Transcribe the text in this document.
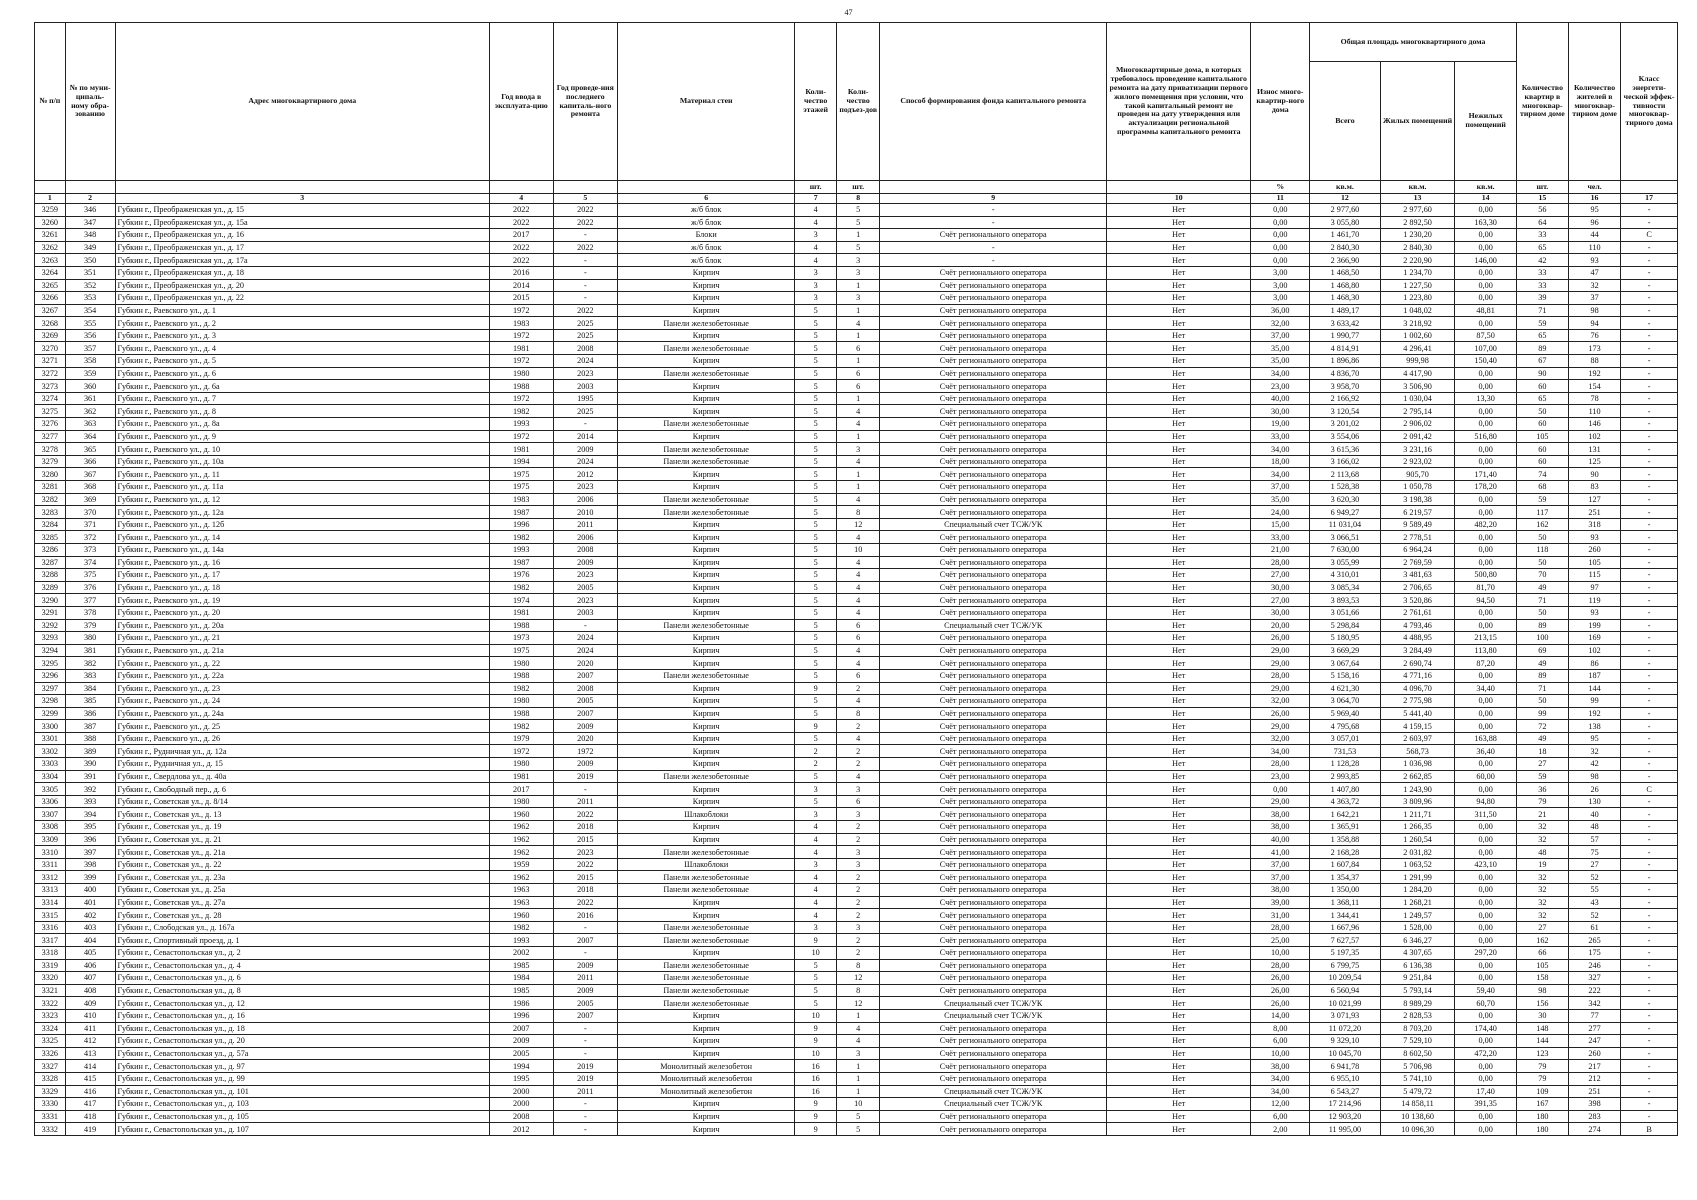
47
№ п/п	№ по муни-ципаль-ному обра-зованию	Адрес многоквартирного дома	Год ввода в эксплуата-цию	Год проведе-ния последнего капиталь-ного ремонта	Материал стен	Коли-чество этажей	Коли-чество подъез-дов	Способ формирования фонда капитального ремонта	Многоквартирные дома, в которых требовалось проведение капитального ремонта на дату приватизации первого жилого помещения при условии, что такой капитальный ремонт не проведен на дату утверждения или актуализации региональной программы капитального ремонта	Износ много-квартир-ного дома	Общая площадь многоквартирного дома			Количество квартир в многоквар-тирном доме	Количество жителей в многоквар-тирном доме	Класс энергети-ческой эффек-тивности многоквар-тирного дома
											Всего	Жилых помещений	Нежилых помещений			
						шт.	шт.			%	кв.м.	кв.м.	кв.м.	шт.	чел.	
1	2	3	4	5	6	7	8	9	10	11	12	13	14	15	16	17
3259	346	Губкин г., Преображенская ул., д. 15	2022	2022	ж/б блок	4	5	-	Нет	0,00	2 977,60	2 977,60	0,00	56	95	-
3260	347	Губкин г., Преображенская ул., д. 15а	2022	2022	ж/б блок	4	5	-	Нет	0,00	3 055,80	2 892,50	163,30	64	96	-
3261	348	Губкин г., Преображенская ул., д. 16	2017	-	Блоки	3	1	Счёт регионального оператора	Нет	0,00	1 461,70	1 230,20	0,00	33	44	C
3262	349	Губкин г., Преображенская ул., д. 17	2022	2022	ж/б блок	4	5	-	Нет	0,00	2 840,30	2 840,30	0,00	65	110	-
3263	350	Губкин г., Преображенская ул., д. 17а	2022	-	ж/б блок	4	3	-	Нет	0,00	2 366,90	2 220,90	146,00	42	93	-
3264	351	Губкин г., Преображенская ул., д. 18	2016	-	Кирпич	3	3	Счёт регионального оператора	Нет	3,00	1 468,50	1 234,70	0,00	33	47	-
3265	352	Губкин г., Преображенская ул., д. 20	2014	-	Кирпич	3	1	Счёт регионального оператора	Нет	3,00	1 468,80	1 227,50	0,00	33	32	-
3266	353	Губкин г., Преображенская ул., д. 22	2015	-	Кирпич	3	3	Счёт регионального оператора	Нет	3,00	1 468,30	1 223,80	0,00	39	37	-
3267	354	Губкин г., Раевского ул., д. 1	1972	2022	Кирпич	5	1	Счёт регионального оператора	Нет	36,00	1 489,17	1 048,02	48,81	71	98	-
3268	355	Губкин г., Раевского ул., д. 2	1983	2025	Панели железобетонные	5	4	Счёт регионального оператора	Нет	32,00	3 633,42	3 218,92	0,00	59	94	-
3269	356	Губкин г., Раевского ул., д. 3	1972	2025	Кирпич	5	1	Счёт регионального оператора	Нет	37,00	1 990,77	1 002,60	87,50	65	76	-
3270	357	Губкин г., Раевского ул., д. 4	1981	2008	Панели железобетонные	5	6	Счёт регионального оператора	Нет	35,00	4 814,91	4 296,41	107,00	89	173	-
3271	358	Губкин г., Раевского ул., д. 5	1972	2024	Кирпич	5	1	Счёт регионального оператора	Нет	35,00	1 896,86	999,98	150,40	67	88	-
3272	359	Губкин г., Раевского ул., д. 6	1980	2023	Панели железобетонные	5	6	Счёт регионального оператора	Нет	34,00	4 836,70	4 417,90	0,00	90	192	-
3273	360	Губкин г., Раевского ул., д. 6а	1988	2003	Кирпич	5	6	Счёт регионального оператора	Нет	23,00	3 958,70	3 506,90	0,00	60	154	-
3274	361	Губкин г., Раевского ул., д. 7	1972	1995	Кирпич	5	1	Счёт регионального оператора	Нет	40,00	2 166,92	1 030,04	13,30	65	78	-
3275	362	Губкин г., Раевского ул., д. 8	1982	2025	Кирпич	5	4	Счёт регионального оператора	Нет	30,00	3 120,54	2 795,14	0,00	50	110	-
3276	363	Губкин г., Раевского ул., д. 8а	1993	-	Панели железобетонные	5	4	Счёт регионального оператора	Нет	19,00	3 201,02	2 906,02	0,00	60	146	-
3277	364	Губкин г., Раевского ул., д. 9	1972	2014	Кирпич	5	1	Счёт регионального оператора	Нет	33,00	3 554,06	2 091,42	516,80	105	102	-
3278	365	Губкин г., Раевского ул., д. 10	1981	2009	Панели железобетонные	5	3	Счёт регионального оператора	Нет	34,00	3 615,36	3 231,16	0,00	60	131	-
3279	366	Губкин г., Раевского ул., д. 10а	1994	2024	Панели железобетонные	5	4	Счёт регионального оператора	Нет	18,00	3 166,02	2 923,02	0,00	60	125	-
3280	367	Губкин г., Раевского ул., д. 11	1975	2012	Кирпич	5	1	Счёт регионального оператора	Нет	34,00	2 113,68	905,70	171,40	74	90	-
3281	368	Губкин г., Раевского ул., д. 11а	1975	2023	Кирпич	5	1	Счёт регионального оператора	Нет	37,00	1 528,38	1 050,78	178,20	68	83	-
3282	369	Губкин г., Раевского ул., д. 12	1983	2006	Панели железобетонные	5	4	Счёт регионального оператора	Нет	35,00	3 620,30	3 198,38	0,00	59	127	-
3283	370	Губкин г., Раевского ул., д. 12а	1987	2010	Панели железобетонные	5	8	Счёт регионального оператора	Нет	24,00	6 949,27	6 219,57	0,00	117	251	-
3284	371	Губкин г., Раевского ул., д. 12б	1996	2011	Кирпич	5	12	Специальный счет ТСЖ/УК	Нет	15,00	11 031,04	9 589,49	482,20	162	318	-
3285	372	Губкин г., Раевского ул., д. 14	1982	2006	Кирпич	5	4	Счёт регионального оператора	Нет	33,00	3 066,51	2 778,51	0,00	50	93	-
3286	373	Губкин г., Раевского ул., д. 14а	1993	2008	Кирпич	5	10	Счёт регионального оператора	Нет	21,00	7 630,00	6 964,24	0,00	118	260	-
3287	374	Губкин г., Раевского ул., д. 16	1987	2009	Кирпич	5	4	Счёт регионального оператора	Нет	28,00	3 055,99	2 769,59	0,00	50	105	-
3288	375	Губкин г., Раевского ул., д. 17	1976	2023	Кирпич	5	4	Счёт регионального оператора	Нет	27,00	4 310,01	3 481,63	500,80	70	115	-
3289	376	Губкин г., Раевского ул., д. 18	1982	2005	Кирпич	5	4	Счёт регионального оператора	Нет	30,00	3 085,34	2 706,65	81,70	49	97	-
3290	377	Губкин г., Раевского ул., д. 19	1974	2023	Кирпич	5	4	Счёт регионального оператора	Нет	27,00	3 893,53	3 520,86	94,50	71	119	-
3291	378	Губкин г., Раевского ул., д. 20	1981	2003	Кирпич	5	4	Счёт регионального оператора	Нет	30,00	3 051,66	2 761,61	0,00	50	93	-
3292	379	Губкин г., Раевского ул., д. 20а	1988	-	Панели железобетонные	5	6	Специальный счет ТСЖ/УК	Нет	20,00	5 298,84	4 793,46	0,00	89	199	-
3293	380	Губкин г., Раевского ул., д. 21	1973	2024	Кирпич	5	6	Счёт регионального оператора	Нет	26,00	5 180,95	4 488,95	213,15	100	169	-
3294	381	Губкин г., Раевского ул., д. 21а	1975	2024	Кирпич	5	4	Счёт регионального оператора	Нет	29,00	3 669,29	3 284,49	113,80	69	102	-
3295	382	Губкин г., Раевского ул., д. 22	1980	2020	Кирпич	5	4	Счёт регионального оператора	Нет	29,00	3 067,64	2 690,74	87,20	49	86	-
3296	383	Губкин г., Раевского ул., д. 22а	1988	2007	Панели железобетонные	5	6	Счёт регионального оператора	Нет	28,00	5 158,16	4 771,16	0,00	89	187	-
3297	384	Губкин г., Раевского ул., д. 23	1982	2008	Кирпич	9	2	Счёт регионального оператора	Нет	29,00	4 621,30	4 096,70	34,40	71	144	-
3298	385	Губкин г., Раевского ул., д. 24	1980	2005	Кирпич	5	4	Счёт регионального оператора	Нет	32,00	3 064,70	2 775,98	0,00	50	99	-
3299	386	Губкин г., Раевского ул., д. 24а	1988	2007	Кирпич	5	8	Счёт регионального оператора	Нет	26,00	5 969,40	5 441,40	0,00	99	192	-
3300	387	Губкин г., Раевского ул., д. 25	1982	2009	Кирпич	9	2	Счёт регионального оператора	Нет	29,00	4 795,68	4 159,15	0,00	72	138	-
3301	388	Губкин г., Раевского ул., д. 26	1979	2020	Кирпич	5	4	Счёт регионального оператора	Нет	32,00	3 057,01	2 603,97	163,88	49	95	-
3302	389	Губкин г., Рудничная ул., д. 12а	1972	1972	Кирпич	2	2	Счёт регионального оператора	Нет	34,00	731,53	568,73	36,40	18	32	-
3303	390	Губкин г., Рудничная ул., д. 15	1980	2009	Кирпич	2	2	Счёт регионального оператора	Нет	28,00	1 128,28	1 036,98	0,00	27	42	-
3304	391	Губкин г., Свердлова ул., д. 40а	1981	2019	Панели железобетонные	5	4	Счёт регионального оператора	Нет	23,00	2 993,85	2 662,85	60,00	59	98	-
3305	392	Губкин г., Свободный пер., д. 6	2017	-	Кирпич	3	3	Счёт регионального оператора	Нет	0,00	1 407,80	1 243,90	0,00	36	26	C
3306	393	Губкин г., Советская ул., д. 8/14	1980	2011	Кирпич	5	6	Счёт регионального оператора	Нет	29,00	4 363,72	3 809,96	94,80	79	130	-
3307	394	Губкин г., Советская ул., д. 13	1960	2022	Шлакоблоки	3	3	Счёт регионального оператора	Нет	38,00	1 642,21	1 211,71	311,50	21	40	-
3308	395	Губкин г., Советская ул., д. 19	1962	2018	Кирпич	4	2	Счёт регионального оператора	Нет	38,00	1 365,91	1 266,35	0,00	32	48	-
3309	396	Губкин г., Советская ул., д. 21	1962	2015	Кирпич	4	2	Счёт регионального оператора	Нет	40,00	1 358,88	1 260,54	0,00	32	57	-
3310	397	Губкин г., Советская ул., д. 21а	1962	2023	Панели железобетонные	4	3	Счёт регионального оператора	Нет	41,00	2 168,28	2 031,82	0,00	48	75	-
3311	398	Губкин г., Советская ул., д. 22	1959	2022	Шлакоблоки	3	3	Счёт регионального оператора	Нет	37,00	1 607,84	1 063,52	423,10	19	27	-
3312	399	Губкин г., Советская ул., д. 23а	1962	2015	Панели железобетонные	4	2	Счёт регионального оператора	Нет	37,00	1 354,37	1 291,99	0,00	32	52	-
3313	400	Губкин г., Советская ул., д. 25а	1963	2018	Панели железобетонные	4	2	Счёт регионального оператора	Нет	38,00	1 350,00	1 284,20	0,00	32	55	-
3314	401	Губкин г., Советская ул., д. 27а	1963	2022	Кирпич	4	2	Счёт регионального оператора	Нет	39,00	1 368,11	1 268,21	0,00	32	43	-
3315	402	Губкин г., Советская ул., д. 28	1960	2016	Кирпич	4	2	Счёт регионального оператора	Нет	31,00	1 344,41	1 249,57	0,00	32	52	-
3316	403	Губкин г., Слободская ул., д. 167а	1982	-	Панели железобетонные	3	3	Счёт регионального оператора	Нет	28,00	1 667,96	1 528,00	0,00	27	61	-
3317	404	Губкин г., Спортивный проезд, д. 1	1993	2007	Панели железобетонные	9	2	Счёт регионального оператора	Нет	25,00	7 627,57	6 346,27	0,00	162	265	-
3318	405	Губкин г., Севастопольская ул., д. 2	2002	-	Кирпич	10	2	Счёт регионального оператора	Нет	10,00	5 197,35	4 307,65	297,20	66	175	-
3319	406	Губкин г., Севастопольская ул., д. 4	1985	2009	Панели железобетонные	5	8	Счёт регионального оператора	Нет	28,00	6 799,75	6 136,38	0,00	105	246	-
3320	407	Губкин г., Севастопольская ул., д. 6	1984	2011	Панели железобетонные	5	12	Счёт регионального оператора	Нет	26,00	10 209,54	9 251,84	0,00	158	327	-
3321	408	Губкин г., Севастопольская ул., д. 8	1985	2009	Панели железобетонные	5	8	Счёт регионального оператора	Нет	26,00	6 560,94	5 793,14	59,40	98	222	-
3322	409	Губкин г., Севастопольская ул., д. 12	1986	2005	Панели железобетонные	5	12	Специальный счет ТСЖ/УК	Нет	26,00	10 021,99	8 989,29	60,70	156	342	-
3323	410	Губкин г., Севастопольская ул., д. 16	1996	2007	Кирпич	10	1	Специальный счет ТСЖ/УК	Нет	14,00	3 071,93	2 828,53	0,00	30	77	-
3324	411	Губкин г., Севастопольская ул., д. 18	2007	-	Кирпич	9	4	Счёт регионального оператора	Нет	8,00	11 072,20	8 703,20	174,40	148	277	-
3325	412	Губкин г., Севастопольская ул., д. 20	2009	-	Кирпич	9	4	Счёт регионального оператора	Нет	6,00	9 329,10	7 529,10	0,00	144	247	-
3326	413	Губкин г., Севастопольская ул., д. 57а	2005	-	Кирпич	10	3	Счёт регионального оператора	Нет	10,00	10 045,70	8 602,50	472,20	123	260	-
3327	414	Губкин г., Севастопольская ул., д. 97	1994	2019	Монолитный железобетон	16	1	Счёт регионального оператора	Нет	38,00	6 941,78	5 706,98	0,00	79	217	-
3328	415	Губкин г., Севастопольская ул., д. 99	1995	2019	Монолитный железобетон	16	1	Счёт регионального оператора	Нет	34,00	6 955,10	5 741,10	0,00	79	212	-
3329	416	Губкин г., Севастопольская ул., д. 101	2000	2011	Монолитный железобетон	16	1	Специальный счет ТСЖ/УК	Нет	34,00	6 543,27	5 479,72	17,40	109	251	-
3330	417	Губкин г., Севастопольская ул., д. 103	2000	-	Кирпич	9	10	Специальный счет ТСЖ/УК	Нет	12,00	17 214,96	14 858,11	391,35	167	398	-
3331	418	Губкин г., Севастопольская ул., д. 105	2008	-	Кирпич	9	5	Счёт регионального оператора	Нет	6,00	12 903,20	10 138,60	0,00	180	283	-
3332	419	Губкин г., Севастопольская ул., д. 107	2012	-	Кирпич	9	5	Счёт регионального оператора	Нет	2,00	11 995,00	10 096,30	0,00	180	274	B
